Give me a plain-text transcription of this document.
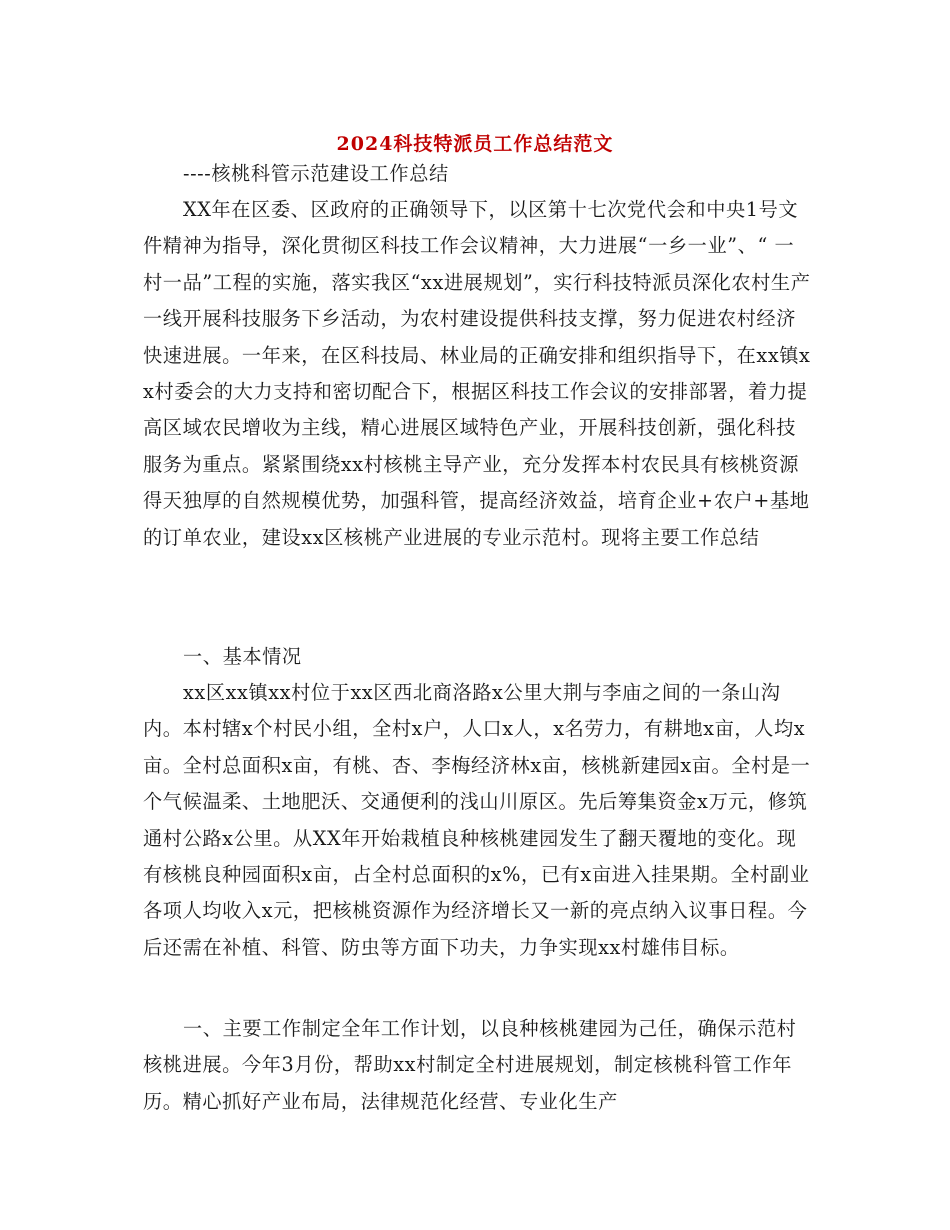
2024科技特派员工作总结范文

----核桃科管示范建设工作总结

XX年在区委、区政府的正确领导下，以区第十七次党代会和中央1号文件精神为指导，深化贯彻区科技工作会议精神，大力进展“一乡一业”、“ 一村一品”工程的实施，落实我区“xx进展规划”，实行科技特派员深化农村生产一线开展科技服务下乡活动，为农村建设提供科技支撑，努力促进农村经济快速进展。一年来，在区科技局、林业局的正确安排和组织指导下，在xx镇xx村委会的大力支持和密切配合下，根据区科技工作会议的安排部署，着力提高区域农民增收为主线，精心进展区域特色产业，开展科技创新，强化科技服务为重点。紧紧围绕xx村核桃主导产业，充分发挥本村农民具有核桃资源得天独厚的自然规模优势，加强科管，提高经济效益，培育企业+农户+基地的订单农业，建设xx区核桃产业进展的专业示范村。现将主要工作总结

一、基本情况

xx区xx镇xx村位于xx区西北商洛路x公里大荆与李庙之间的一条山沟内。本村辖x个村民小组，全村x户，人口x人，x名劳力，有耕地x亩，人均x亩。全村总面积x亩，有桃、杏、李梅经济林x亩，核桃新建园x亩。全村是一个气候温柔、土地肥沃、交通便利的浅山川原区。先后筹集资金x万元，修筑通村公路x公里。从XX年开始栽植良种核桃建园发生了翻天覆地的变化。现有核桃良种园面积x亩，占全村总面积的x%，已有x亩进入挂果期。全村副业各项人均收入x元，把核桃资源作为经济增长又一新的亮点纳入议事日程。今后还需在补植、科管、防虫等方面下功夫，力争实现xx村雄伟目标。

一、主要工作制定全年工作计划，以良种核桃建园为己任，确保示范村核桃进展。今年3月份，帮助xx村制定全村进展规划，制定核桃科管工作年历。精心抓好产业布局，法律规范化经营、专业化生产
